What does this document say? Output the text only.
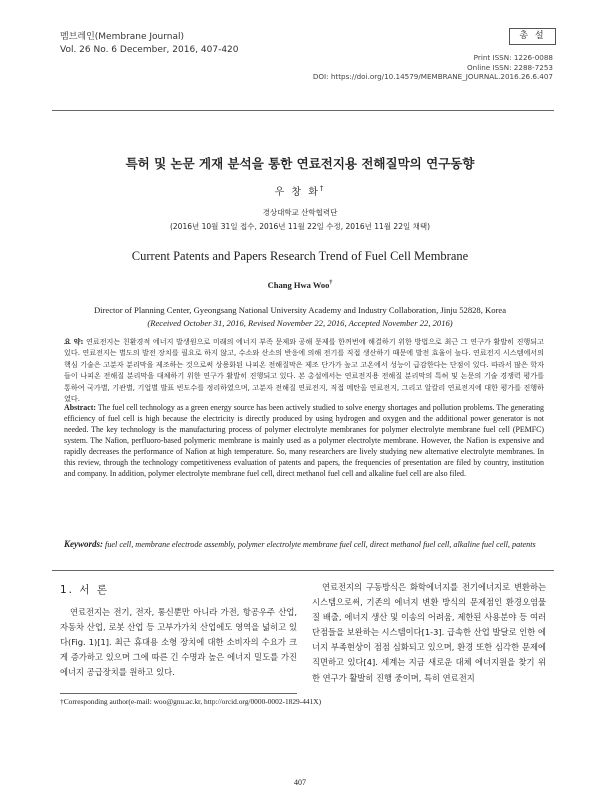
멤브레인(Membrane Journal)
Vol. 26 No. 6 December, 2016, 407-420
총 설
Print ISSN: 1226-0088
Online ISSN: 2288-7253
DOI: https://doi.org/10.14579/MEMBRANE_JOURNAL.2016.26.6.407
특허 및 논문 게재 분석을 통한 연료전지용 전해질막의 연구동향
우 창 화†
경상대학교 산학협력단
(2016년 10월 31일 접수, 2016년 11월 22일 수정, 2016년 11월 22일 채택)
Current Patents and Papers Research Trend of Fuel Cell Membrane
Chang Hwa Woo†
Director of Planning Center, Gyeongsang National University Academy and Industry Collaboration, Jinju 52828, Korea
(Received October 31, 2016, Revised November 22, 2016, Accepted November 22, 2016)
요 약: 연료전지는 친환경적 에너지 발생원으로 미래의 에너지 부족 문제와 공해 문제를 한꺼번에 해결하기 위한 방법으로 최근 그 연구가 활발히 진행되고 있다. 연료전지는 별도의 발전 장치를 필요로 하지 않고, 수소와 산소의 반응에 의해 전기를 직접 생산하기 때문에 발전 효율이 높다. 연료전지 시스템에서의 핵심 기술은 고분자 분리막을 제조하는 것으로써 상용화된 나피온 전해질막은 제조 단가가 높고 고온에서 성능이 급감한다는 단점이 있다. 따라서 많은 학자들이 나피온 전해질 분리막을 대체하기 위한 연구가 활발히 진행되고 있다. 본 총설에서는 연료전지용 전해질 분리막의 특허 및 논문의 기술 경쟁력 평가를 통하여 국가별, 기관별, 기업별 발표 빈도수를 정리하였으며, 고분자 전해질 연료전지, 직접 메탄올 연료전지, 그리고 알칼리 연료전지에 대한 평가를 진행하였다.
Abstract: The fuel cell technology as a green energy source has been actively studied to solve energy shortages and pollution problems. The generating efficiency of fuel cell is high because the electricity is directly produced by using hydrogen and oxygen and the additional power generator is not needed. The key technology is the manufacturing process of polymer electrolyte membranes for polymer electrolyte membrane fuel cell (PEMFC) system. The Nafion, perfluoro-based polymeric membrane is mainly used as a polymer electrolyte membrane. However, the Nafion is expensive and rapidly decreases the performance of Nafion at high temperature. So, many researchers are lively studying new alternative electrolyte membranes. In this review, through the technology competitiveness evaluation of patents and papers, the frequencies of presentation are filed by country, institution and company. In addition, polymer electrolyte membrane fuel cell, direct methanol fuel cell and alkaline fuel cell are also filed.
Keywords: fuel cell, membrane electrode assembly, polymer electrolyte membrane fuel cell, direct methanol fuel cell, alkaline fuel cell, patents
1. 서 론
연료전지는 전기, 전자, 통신뿐만 아니라 가전, 항공우주 산업, 자동차 산업, 로봇 산업 등 고부가가치 산업에도 영역을 넓히고 있다(Fig. 1)[1]. 최근 휴대용 소형 장치에 대한 소비자의 수요가 크게 증가하고 있으며 그에 따른 긴 수명과 높은 에너지 밀도를 가진 에너지 공급장치를 원하고 있다.
연료전지의 구동방식은 화학에너지를 전기에너지로 변환하는 시스템으로써, 기존의 에너지 변환 방식의 문제점인 환경오염물질 배출, 에너지 생산 및 이송의 어려움, 제한된 사용분야 등 여러 단점들을 보완하는 시스템이다[1-3]. 급속한 산업 발달로 인한 에너지 부족현상이 점점 심화되고 있으며, 환경 또한 심각한 문제에 직면하고 있다[4]. 세계는 지금 새로운 대체 에너지원을 찾기 위한 연구가 활발히 진행 중이며, 특히 연료전지
†Corresponding author(e-mail: woo@gnu.ac.kr, http://orcid.org/0000-0002-1829-441X)
407
